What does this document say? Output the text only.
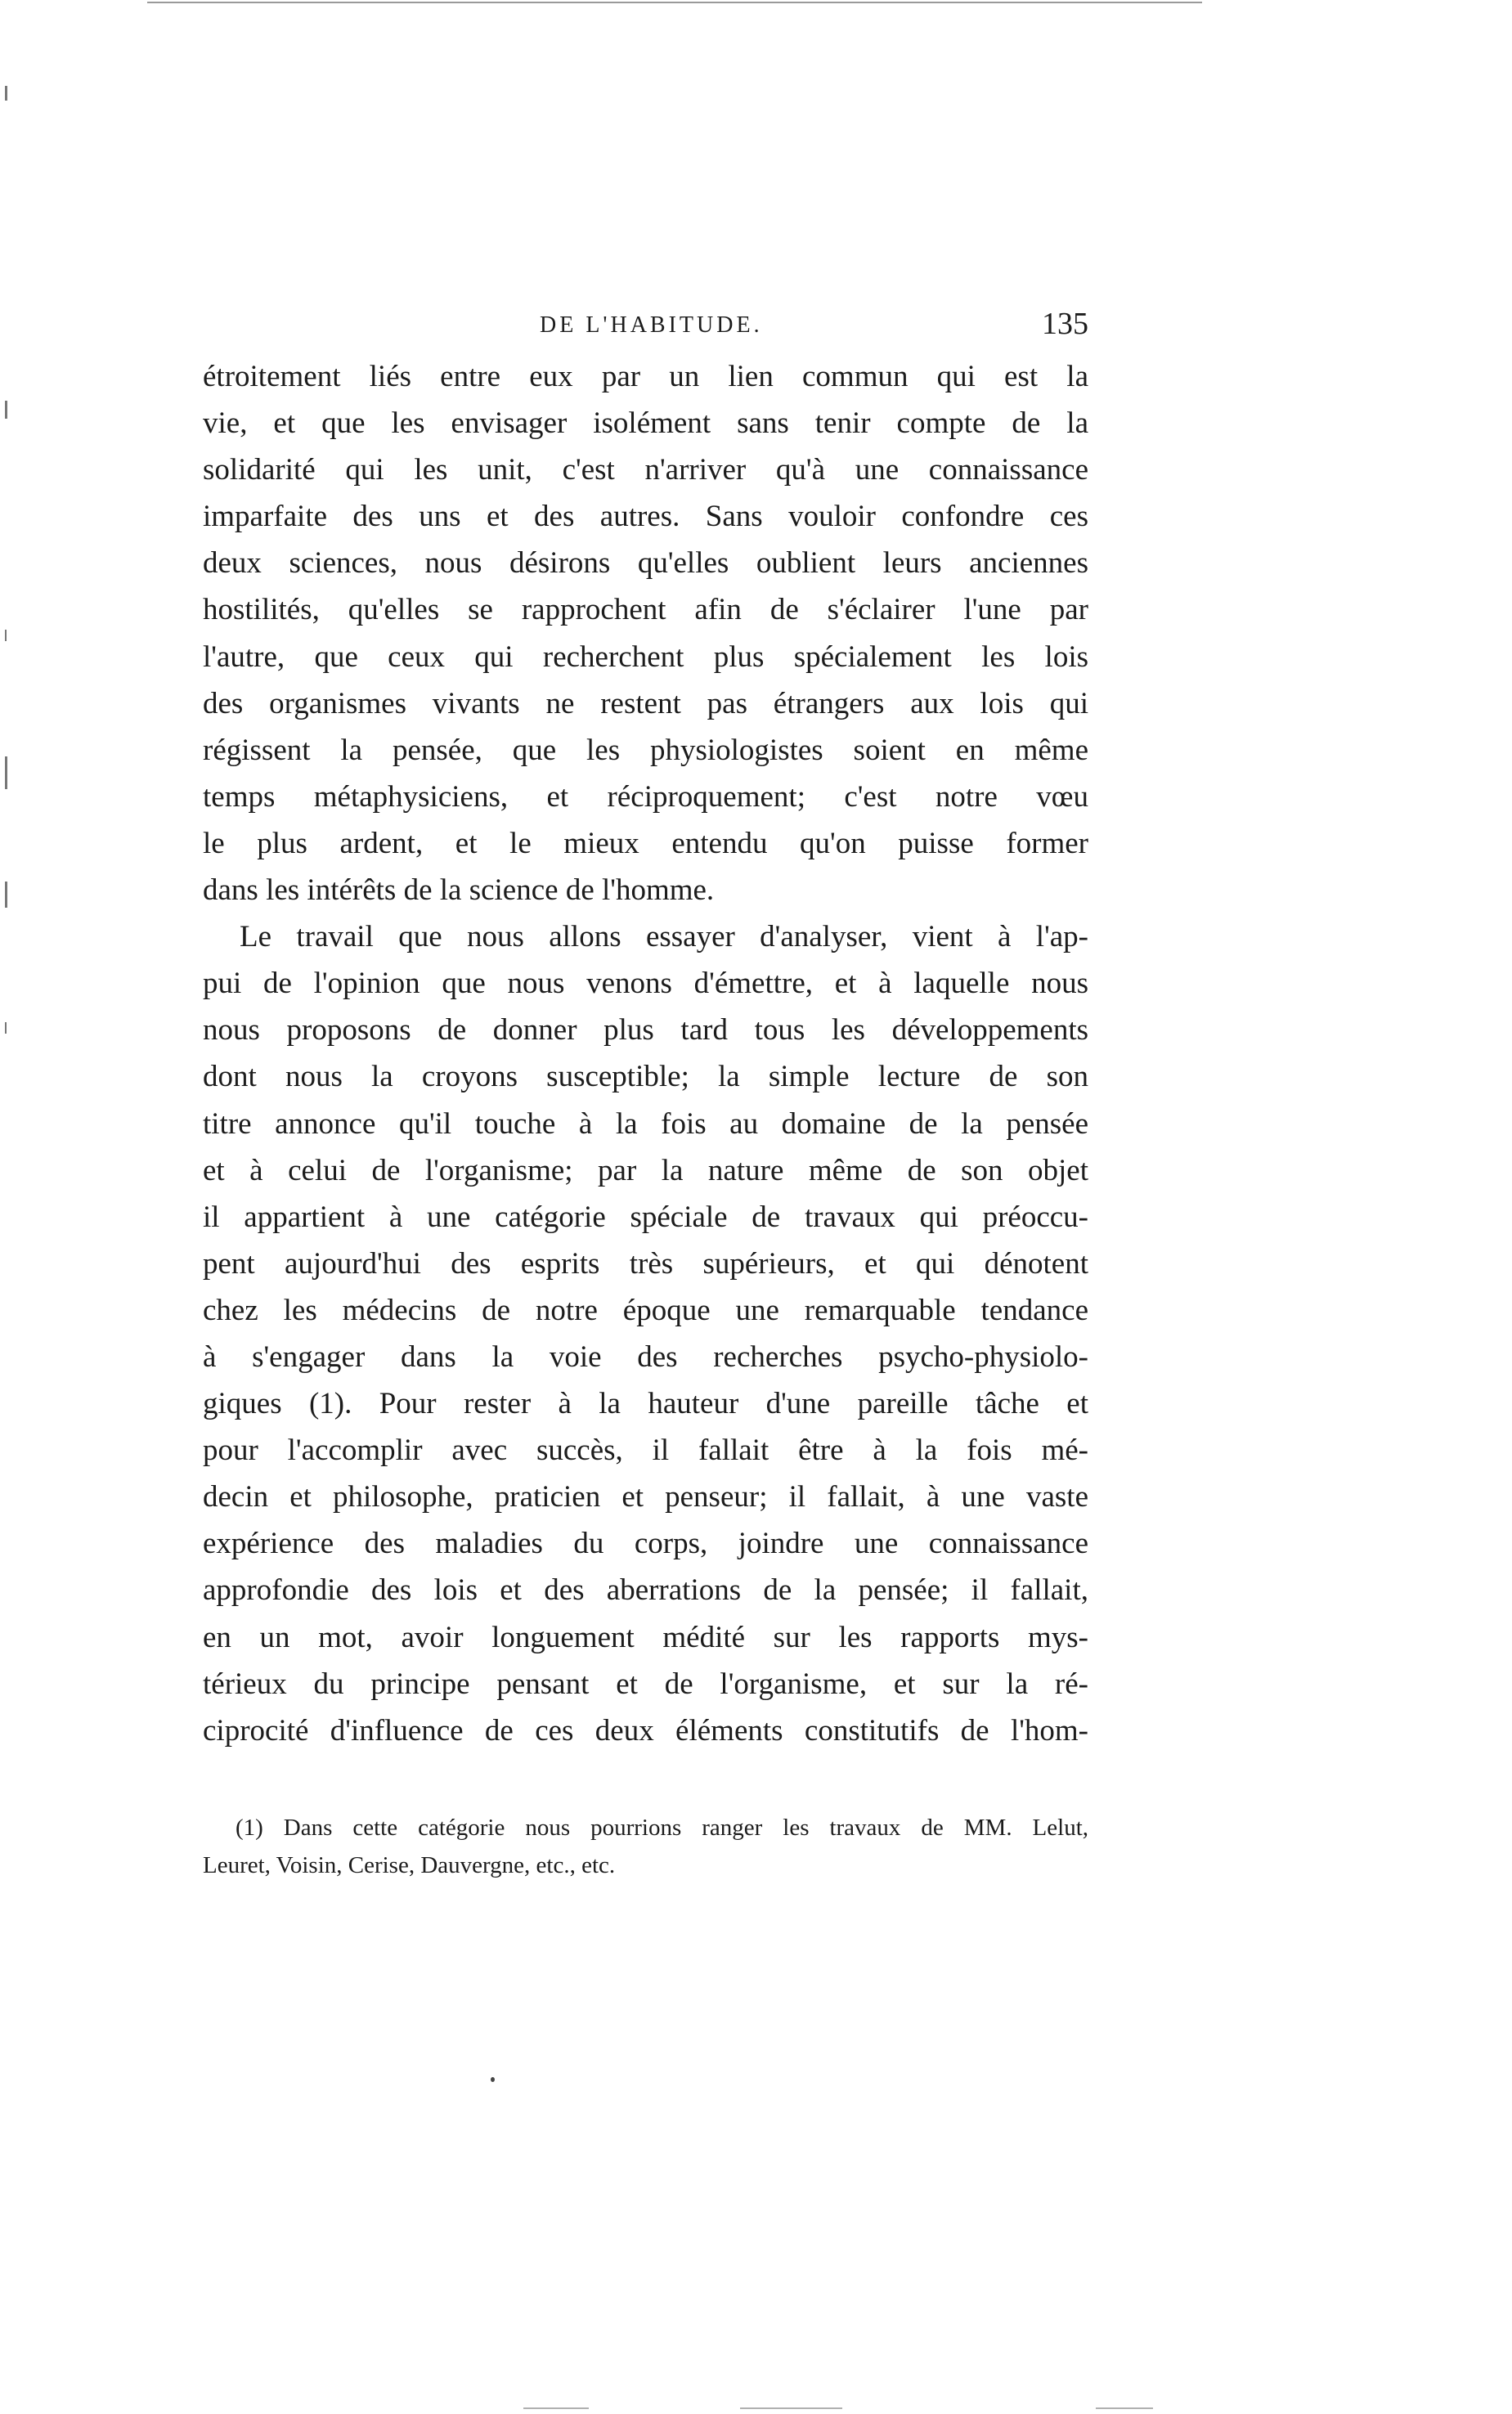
DE L'HABITUDE.	135
étroitement liés entre eux par un lien commun qui est la
vie, et que les envisager isolément sans tenir compte de la
solidarité qui les unit, c'est n'arriver qu'à une connaissance
imparfaite des uns et des autres. Sans vouloir confondre ces
deux sciences, nous désirons qu'elles oublient leurs anciennes
hostilités, qu'elles se rapprochent afin de s'éclairer l'une par
l'autre, que ceux qui recherchent plus spécialement les lois
des organismes vivants ne restent pas étrangers aux lois qui
régissent la pensée, que les physiologistes soient en même
temps métaphysiciens, et réciproquement; c'est notre vœu
le plus ardent, et le mieux entendu qu'on puisse former
dans les intérêts de la science de l'homme.
Le travail que nous allons essayer d'analyser, vient à l'ap-
pui de l'opinion que nous venons d'émettre, et à laquelle nous
nous proposons de donner plus tard tous les développements
dont nous la croyons susceptible; la simple lecture de son
titre annonce qu'il touche à la fois au domaine de la pensée
et à celui de l'organisme; par la nature même de son objet
il appartient à une catégorie spéciale de travaux qui préoccu-
pent aujourd'hui des esprits très supérieurs, et qui dénotent
chez les médecins de notre époque une remarquable tendance
à s'engager dans la voie des recherches psycho-physiolo-
giques (1). Pour rester à la hauteur d'une pareille tâche et
pour l'accomplir avec succès, il fallait être à la fois mé-
decin et philosophe, praticien et penseur; il fallait, à une vaste
expérience des maladies du corps, joindre une connaissance
approfondie des lois et des aberrations de la pensée; il fallait,
en un mot, avoir longuement médité sur les rapports mys-
térieux du principe pensant et de l'organisme, et sur la ré-
ciprocité d'influence de ces deux éléments constitutifs de l'hom-
(1) Dans cette catégorie nous pourrions ranger les travaux de MM. Lelut,
Leuret, Voisin, Cerise, Dauvergne, etc., etc.
